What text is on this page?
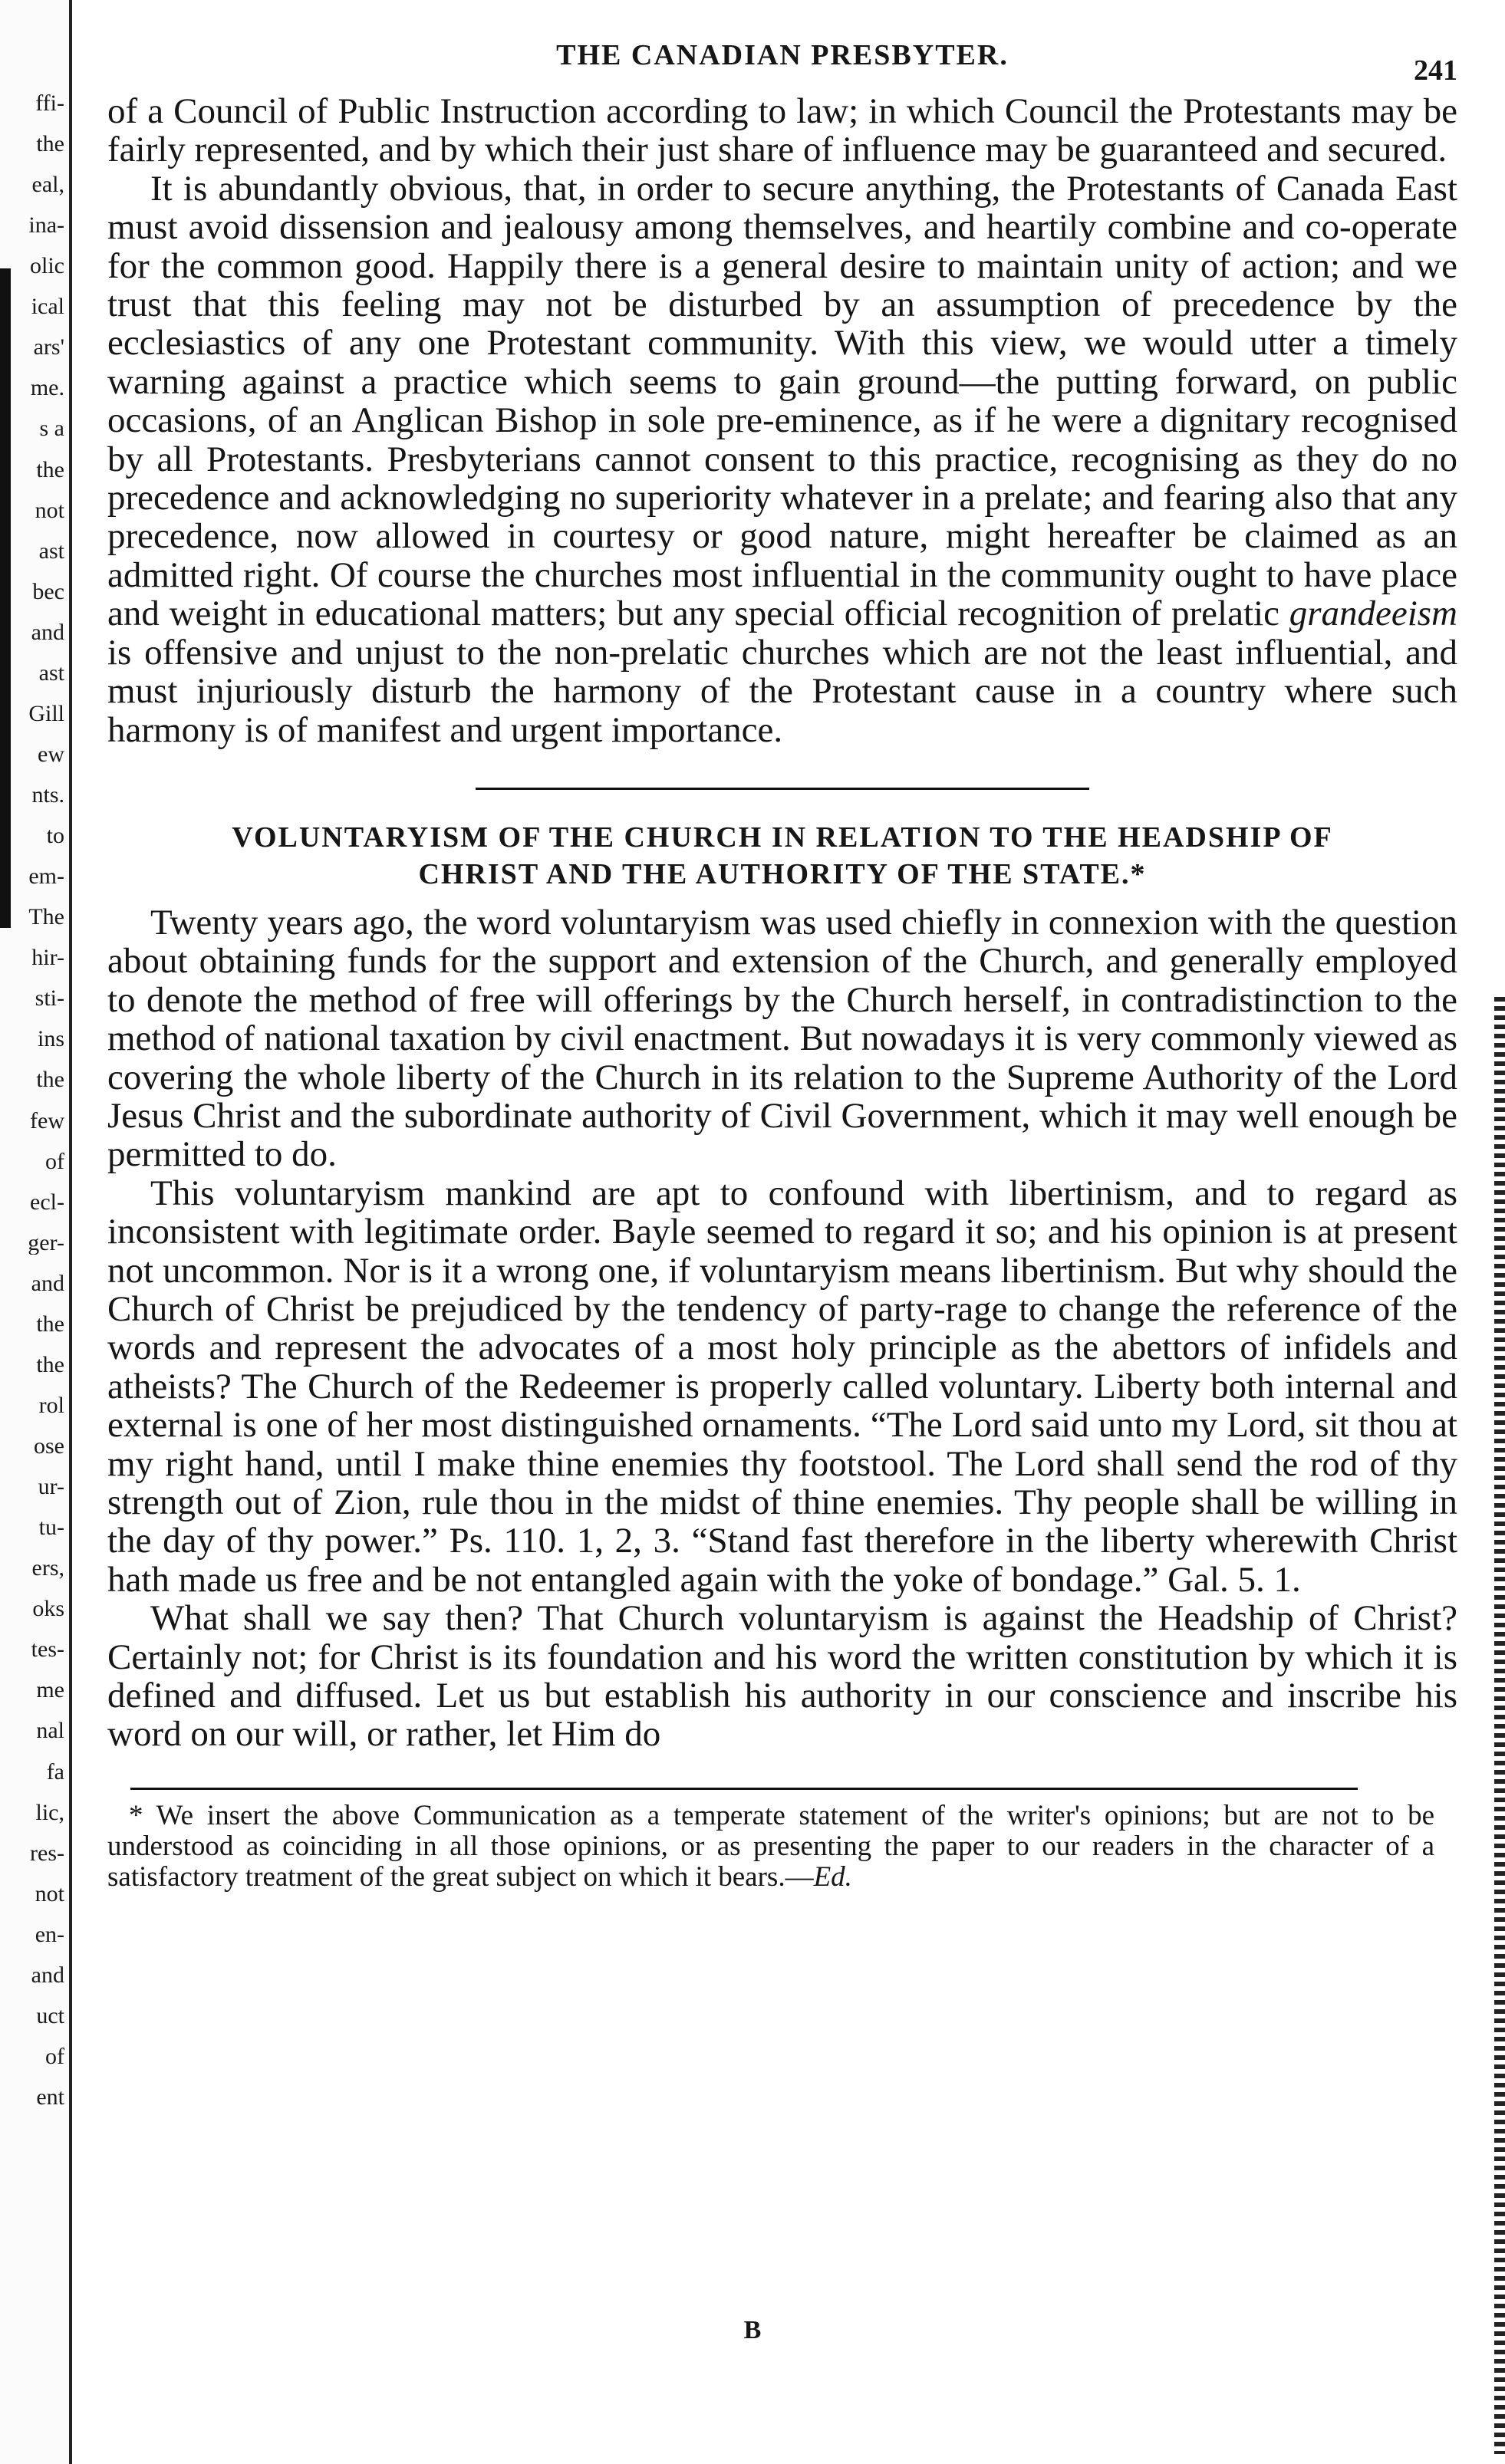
ffi-
the
eal,
ina-
olic
ical
ars'
me.
s a
the
not
ast
bec
and
ast
Gill
ew
nts.
to
em-
The
hir-
sti-
ins
the
few
of
ecl-
ger-
and
the
the
rol
ose
ur-
tu-
ers,
oks
tes-
me
nal
fa
lic,
res-
not
en-
and
uct
of
ent
THE CANADIAN PRESBYTER.	241

of a Council of Public Instruction according to law; in which Council the Protestants may be fairly represented, and by which their just share of influence may be guaranteed and secured.

It is abundantly obvious, that, in order to secure anything, the Protestants of Canada East must avoid dissension and jealousy among themselves, and heartily combine and co-operate for the common good. Happily there is a general desire to maintain unity of action; and we trust that this feeling may not be disturbed by an assumption of precedence by the ecclesiastics of any one Protestant community. With this view, we would utter a timely warning against a practice which seems to gain ground—the putting forward, on public occasions, of an Anglican Bishop in sole pre-eminence, as if he were a dignitary recognised by all Protestants. Presbyterians cannot consent to this practice, recognising as they do no precedence and acknowledging no superiority whatever in a prelate; and fearing also that any precedence, now allowed in courtesy or good nature, might hereafter be claimed as an admitted right. Of course the churches most influential in the community ought to have place and weight in educational matters; but any special official recognition of prelatic grandeeism is offensive and unjust to the non-prelatic churches which are not the least influential, and must injuriously disturb the harmony of the Protestant cause in a country where such harmony is of manifest and urgent importance.

VOLUNTARYISM OF THE CHURCH IN RELATION TO THE HEADSHIP OF
CHRIST AND THE AUTHORITY OF THE STATE.*

Twenty years ago, the word voluntaryism was used chiefly in connexion with the question about obtaining funds for the support and extension of the Church, and generally employed to denote the method of free will offerings by the Church herself, in contradistinction to the method of national taxation by civil enactment. But nowadays it is very commonly viewed as covering the whole liberty of the Church in its relation to the Supreme Authority of the Lord Jesus Christ and the subordinate authority of Civil Government, which it may well enough be permitted to do.

This voluntaryism mankind are apt to confound with libertinism, and to regard as inconsistent with legitimate order. Bayle seemed to regard it so; and his opinion is at present not uncommon. Nor is it a wrong one, if voluntaryism means libertinism. But why should the Church of Christ be prejudiced by the tendency of party-rage to change the reference of the words and represent the advocates of a most holy principle as the abettors of infidels and atheists? The Church of the Redeemer is properly called voluntary. Liberty both internal and external is one of her most distinguished ornaments. “The Lord said unto my Lord, sit thou at my right hand, until I make thine enemies thy footstool. The Lord shall send the rod of thy strength out of Zion, rule thou in the midst of thine enemies. Thy people shall be willing in the day of thy power.” Ps. 110. 1, 2, 3. “Stand fast therefore in the liberty wherewith Christ hath made us free and be not entangled again with the yoke of bondage.” Gal. 5. 1.

What shall we say then? That Church voluntaryism is against the Headship of Christ? Certainly not; for Christ is its foundation and his word the written constitution by which it is defined and diffused. Let us but establish his authority in our conscience and inscribe his word on our will, or rather, let Him do

* We insert the above Communication as a temperate statement of the writer's opinions; but are not to be understood as coinciding in all those opinions, or as presenting the paper to our readers in the character of a satisfactory treatment of the great subject on which it bears.—Ed.

B
